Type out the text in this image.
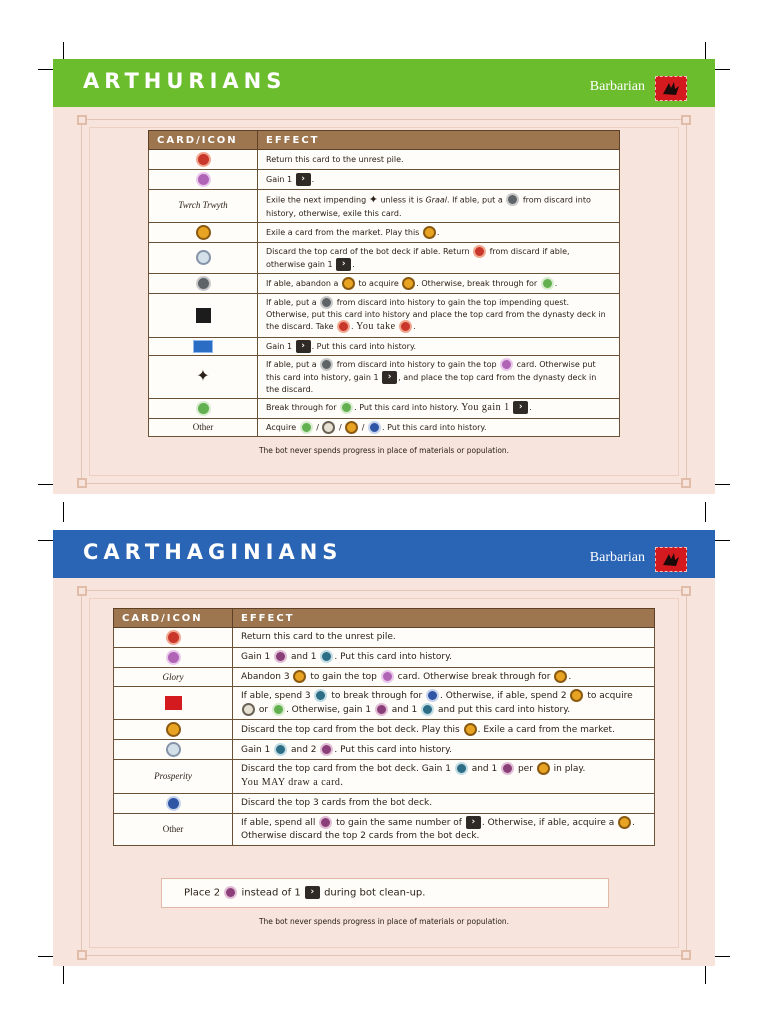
ARTHURIANS	Barbarian
CARD/ICON	EFFECT
	Return this card to the unrest pile.
	Gain 1 › .
Twrch Trwyth	Exile the next impending ✦ unless it is Graal. If able, put a  from discard into history, otherwise, exile this card.
	Exile a card from the market. Play this .
	Discard the top card of the bot deck if able. Return  from discard if able, otherwise gain 1 › .
	If able, abandon a  to acquire . Otherwise, break through for .
	If able, put a  from discard into history to gain the top impending quest. Otherwise, put this card into history and place the top card from the dynasty deck in the discard. Take . You take .
	Gain 1 › . Put this card into history.
✦	If able, put a  from discard into history to gain the top  card. Otherwise put this card into history, gain 1 › , and place the top card from the dynasty deck in the discard.
	Break through for . Put this card into history. You gain 1 › .
Other	Acquire  /  /  / . Put this card into history.
The bot never spends progress in place of materials or population.
CARTHAGINIANS	Barbarian
CARD/ICON	EFFECT
	Return this card to the unrest pile.
	Gain 1  and 1 . Put this card into history.
Glory	Abandon 3  to gain the top  card. Otherwise break through for .
	If able, spend 3  to break through for . Otherwise, if able, spend 2  to acquire  or . Otherwise, gain 1  and 1  and put this card into history.
	Discard the top card from the bot deck. Play this . Exile a card from the market.
	Gain 1  and 2 . Put this card into history.
Prosperity	Discard the top card from the bot deck. Gain 1  and 1  per  in play.
You MAY draw a card.
	Discard the top 3 cards from the bot deck.
Other	If able, spend all  to gain the same number of › . Otherwise, if able, acquire a . Otherwise discard the top 2 cards from the bot deck.
Place 2  instead of 1 › during bot clean-up.
The bot never spends progress in place of materials or population.
